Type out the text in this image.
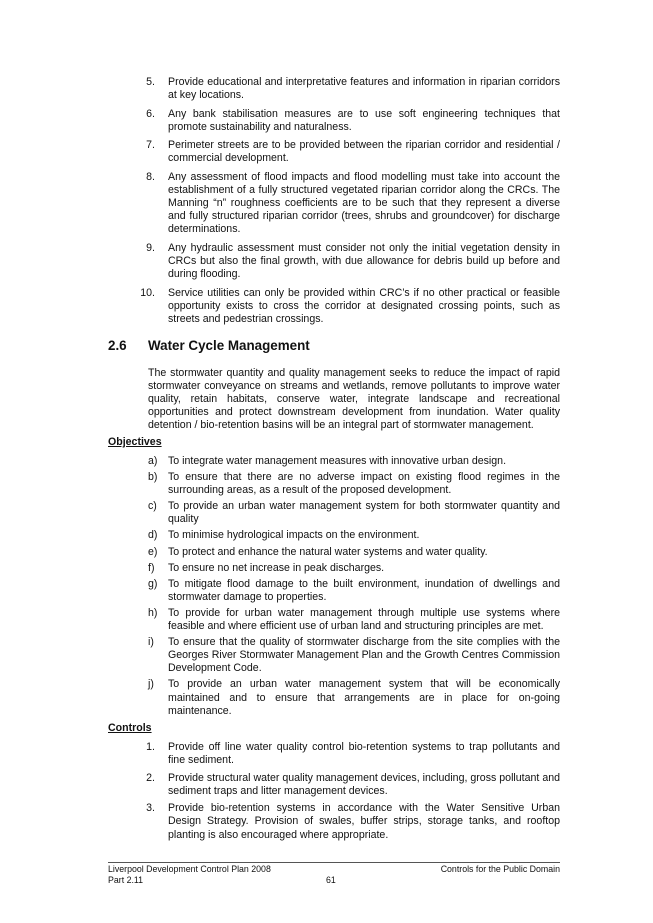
5. Provide educational and interpretative features and information in riparian corridors at key locations.
6. Any bank stabilisation measures are to use soft engineering techniques that promote sustainability and naturalness.
7. Perimeter streets are to be provided between the riparian corridor and residential / commercial development.
8. Any assessment of flood impacts and flood modelling must take into account the establishment of a fully structured vegetated riparian corridor along the CRCs. The Manning “n” roughness coefficients are to be such that they represent a diverse and fully structured riparian corridor (trees, shrubs and groundcover) for discharge determinations.
9. Any hydraulic assessment must consider not only the initial vegetation density in CRCs but also the final growth, with due allowance for debris build up before and during flooding.
10. Service utilities can only be provided within CRC’s if no other practical or feasible opportunity exists to cross the corridor at designated crossing points, such as streets and pedestrian crossings.
2.6 Water Cycle Management
The stormwater quantity and quality management seeks to reduce the impact of rapid stormwater conveyance on streams and wetlands, remove pollutants to improve water quality, retain habitats, conserve water, integrate landscape and recreational opportunities and protect downstream development from inundation. Water quality detention / bio-retention basins will be an integral part of stormwater management.
Objectives
a) To integrate water management measures with innovative urban design.
b) To ensure that there are no adverse impact on existing flood regimes in the surrounding areas, as a result of the proposed development.
c)	To provide an urban water management system for both stormwater quantity and quality
d) To minimise hydrological impacts on the environment.
e) To protect and enhance the natural water systems and water quality.
f)	To ensure no net increase in peak discharges.
g) To mitigate flood damage to the built environment, inundation of dwellings and stormwater damage to properties.
h) To provide for urban water management through multiple use systems where feasible and where efficient use of urban land and structuring principles are met.
i)	To ensure that the quality of stormwater discharge from the site complies with the Georges River Stormwater Management Plan and the Growth Centres Commission Development Code.
j)	To provide an urban water management system that will be economically maintained and to ensure that arrangements are in place for on-going maintenance.
Controls
1. Provide off line water quality control bio-retention systems to trap pollutants and fine sediment.
2. Provide structural water quality management devices, including, gross pollutant and sediment traps and litter management devices.
3. Provide bio-retention systems in accordance with the Water Sensitive Urban Design Strategy. Provision of swales, buffer strips, storage tanks, and rooftop planting is also encouraged where appropriate.
Liverpool Development Control Plan 2008
Part 2.11	61
Controls for the Public Domain
